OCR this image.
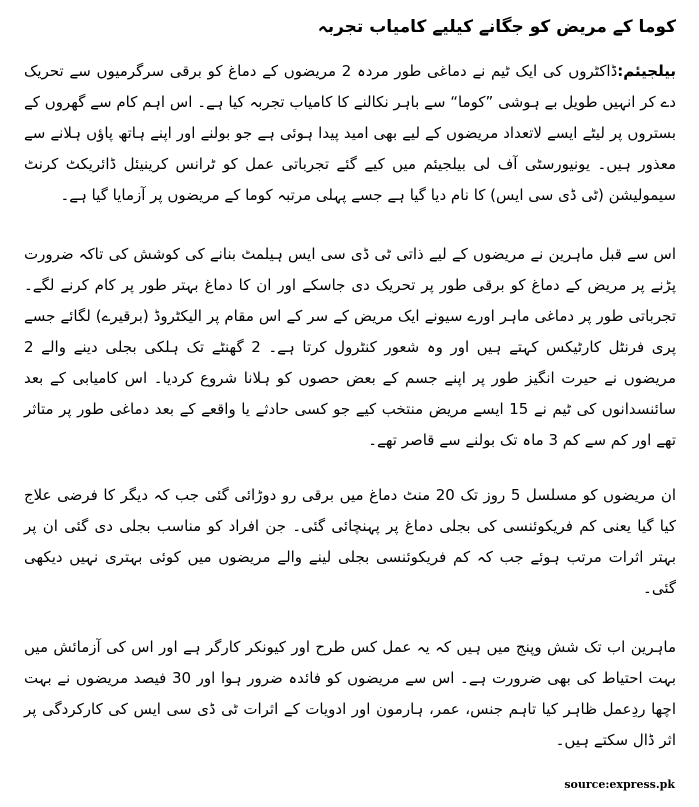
کوما کے مریض کو جگانے کیلیے کامیاب تجربہ

بیلجیئم:ڈاکٹروں کی ایک ٹیم نے دماغی طور مردہ 2 مریضوں کے دماغ کو برقی سرگرمیوں سے تحریک دے کر انہیں طویل بے ہوشی ”کوما“ سے باہر نکالنے کا کامیاب تجربہ کیا ہے۔ اس اہم کام سے گھروں کے بستروں پر لیٹے ایسے لاتعداد مریضوں کے لیے بھی امید پیدا ہوئی ہے جو بولنے اور اپنے ہاتھ پاؤں ہلانے سے معذور ہیں۔ یونیورسٹی آف لی بیلجیئم میں کیے گئے تجرباتی عمل کو ٹرانس کرینیئل ڈائریکٹ کرنٹ سیمولیشن (ٹی ڈی سی ایس) کا نام دیا گیا ہے جسے پہلی مرتبہ کوما کے مریضوں پر آزمایا گیا ہے۔

اس سے قبل ماہرین نے مریضوں کے لیے ذاتی ٹی ڈی سی ایس ہیلمٹ بنانے کی کوشش کی تاکہ ضرورت پڑنے پر مریض کے دماغ کو برقی طور پر تحریک دی جاسکے اور ان کا دماغ بہتر طور پر کام کرنے لگے۔ تجرباتی طور پر دماغی ماہر اورے سیونے ایک مریض کے سر کے اس مقام پر الیکٹروڈ (برقیرے) لگائے جسے پری فرنٹل کارٹیکس کہتے ہیں اور وہ شعور کنٹرول کرتا ہے۔ 2 گھنٹے تک ہلکی بجلی دینے والے 2 مریضوں نے حیرت انگیز طور پر اپنے جسم کے بعض حصوں کو ہلانا شروع کردیا۔ اس کامیابی کے بعد سائنسدانوں کی ٹیم نے 15 ایسے مریض منتخب کیے جو کسی حادثے یا واقعے کے بعد دماغی طور پر متاثر تھے اور کم سے کم 3 ماہ تک بولنے سے قاصر تھے۔

ان مریضوں کو مسلسل 5 روز تک 20 منٹ دماغ میں برقی رو دوڑائی گئی جب کہ دیگر کا فرضی علاج کیا گیا یعنی کم فریکوئنسی کی بجلی دماغ پر پہنچائی گئی۔ جن افراد کو مناسب بجلی دی گئی ان پر بہتر اثرات مرتب ہوئے جب کہ کم فریکوئنسی بجلی لینے والے مریضوں میں کوئی بہتری نہیں دیکھی گئی۔

ماہرین اب تک شش وپنج میں ہیں کہ یہ عمل کس طرح اور کیونکر کارگر ہے اور اس کی آزمائش میں بہت احتیاط کی بھی ضرورت ہے۔ اس سے مریضوں کو فائدہ ضرور ہوا اور 30 فیصد مریضوں نے بہت اچھا ردِعمل ظاہر کیا تاہم جنس، عمر، ہارمون اور ادویات کے اثرات ٹی ڈی سی ایس کی کارکردگی پر اثر ڈال سکتے ہیں۔

source:express.pk
